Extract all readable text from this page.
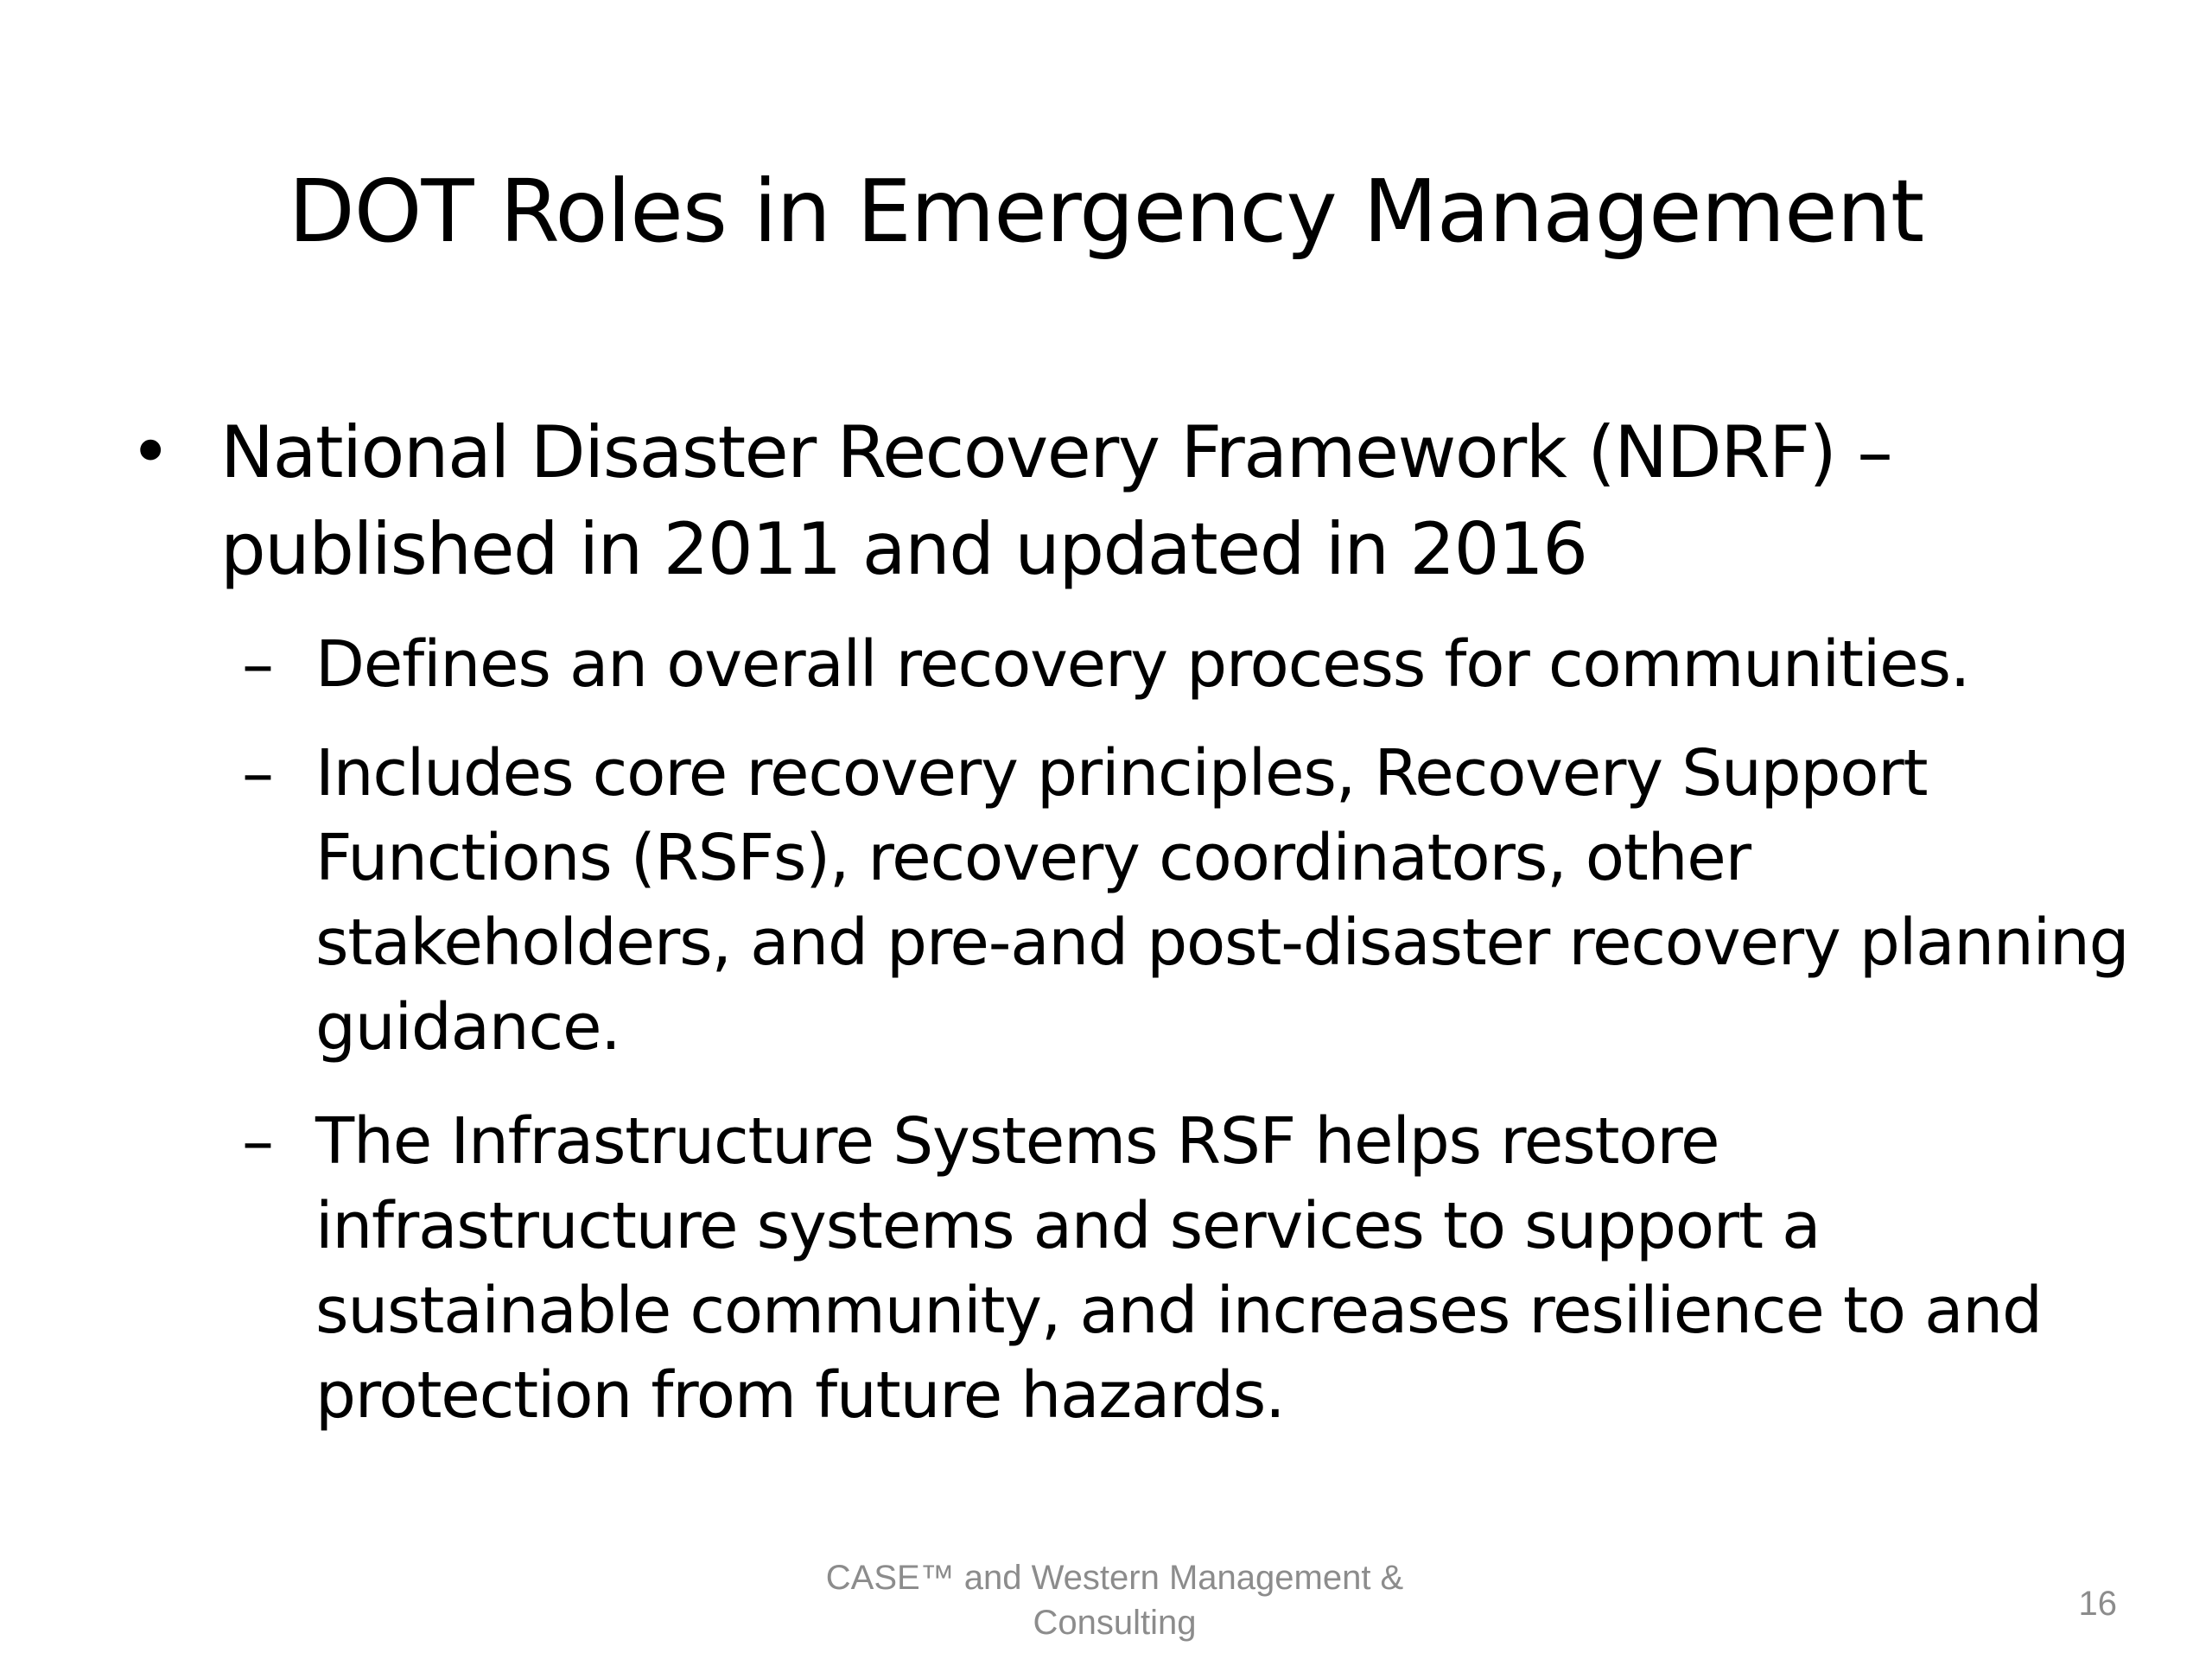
DOT Roles in Emergency Management
• National Disaster Recovery Framework (NDRF) – published in 2011 and updated in 2016
– Defines an overall recovery process for communities.
– Includes core recovery principles, Recovery Support Functions (RSFs), recovery coordinators, other stakeholders, and pre-and post-disaster recovery planning guidance.
– The Infrastructure Systems RSF helps restore infrastructure systems and services to support a sustainable community, and increases resilience to and protection from future hazards.
CASE™ and Western Management & Consulting	16
